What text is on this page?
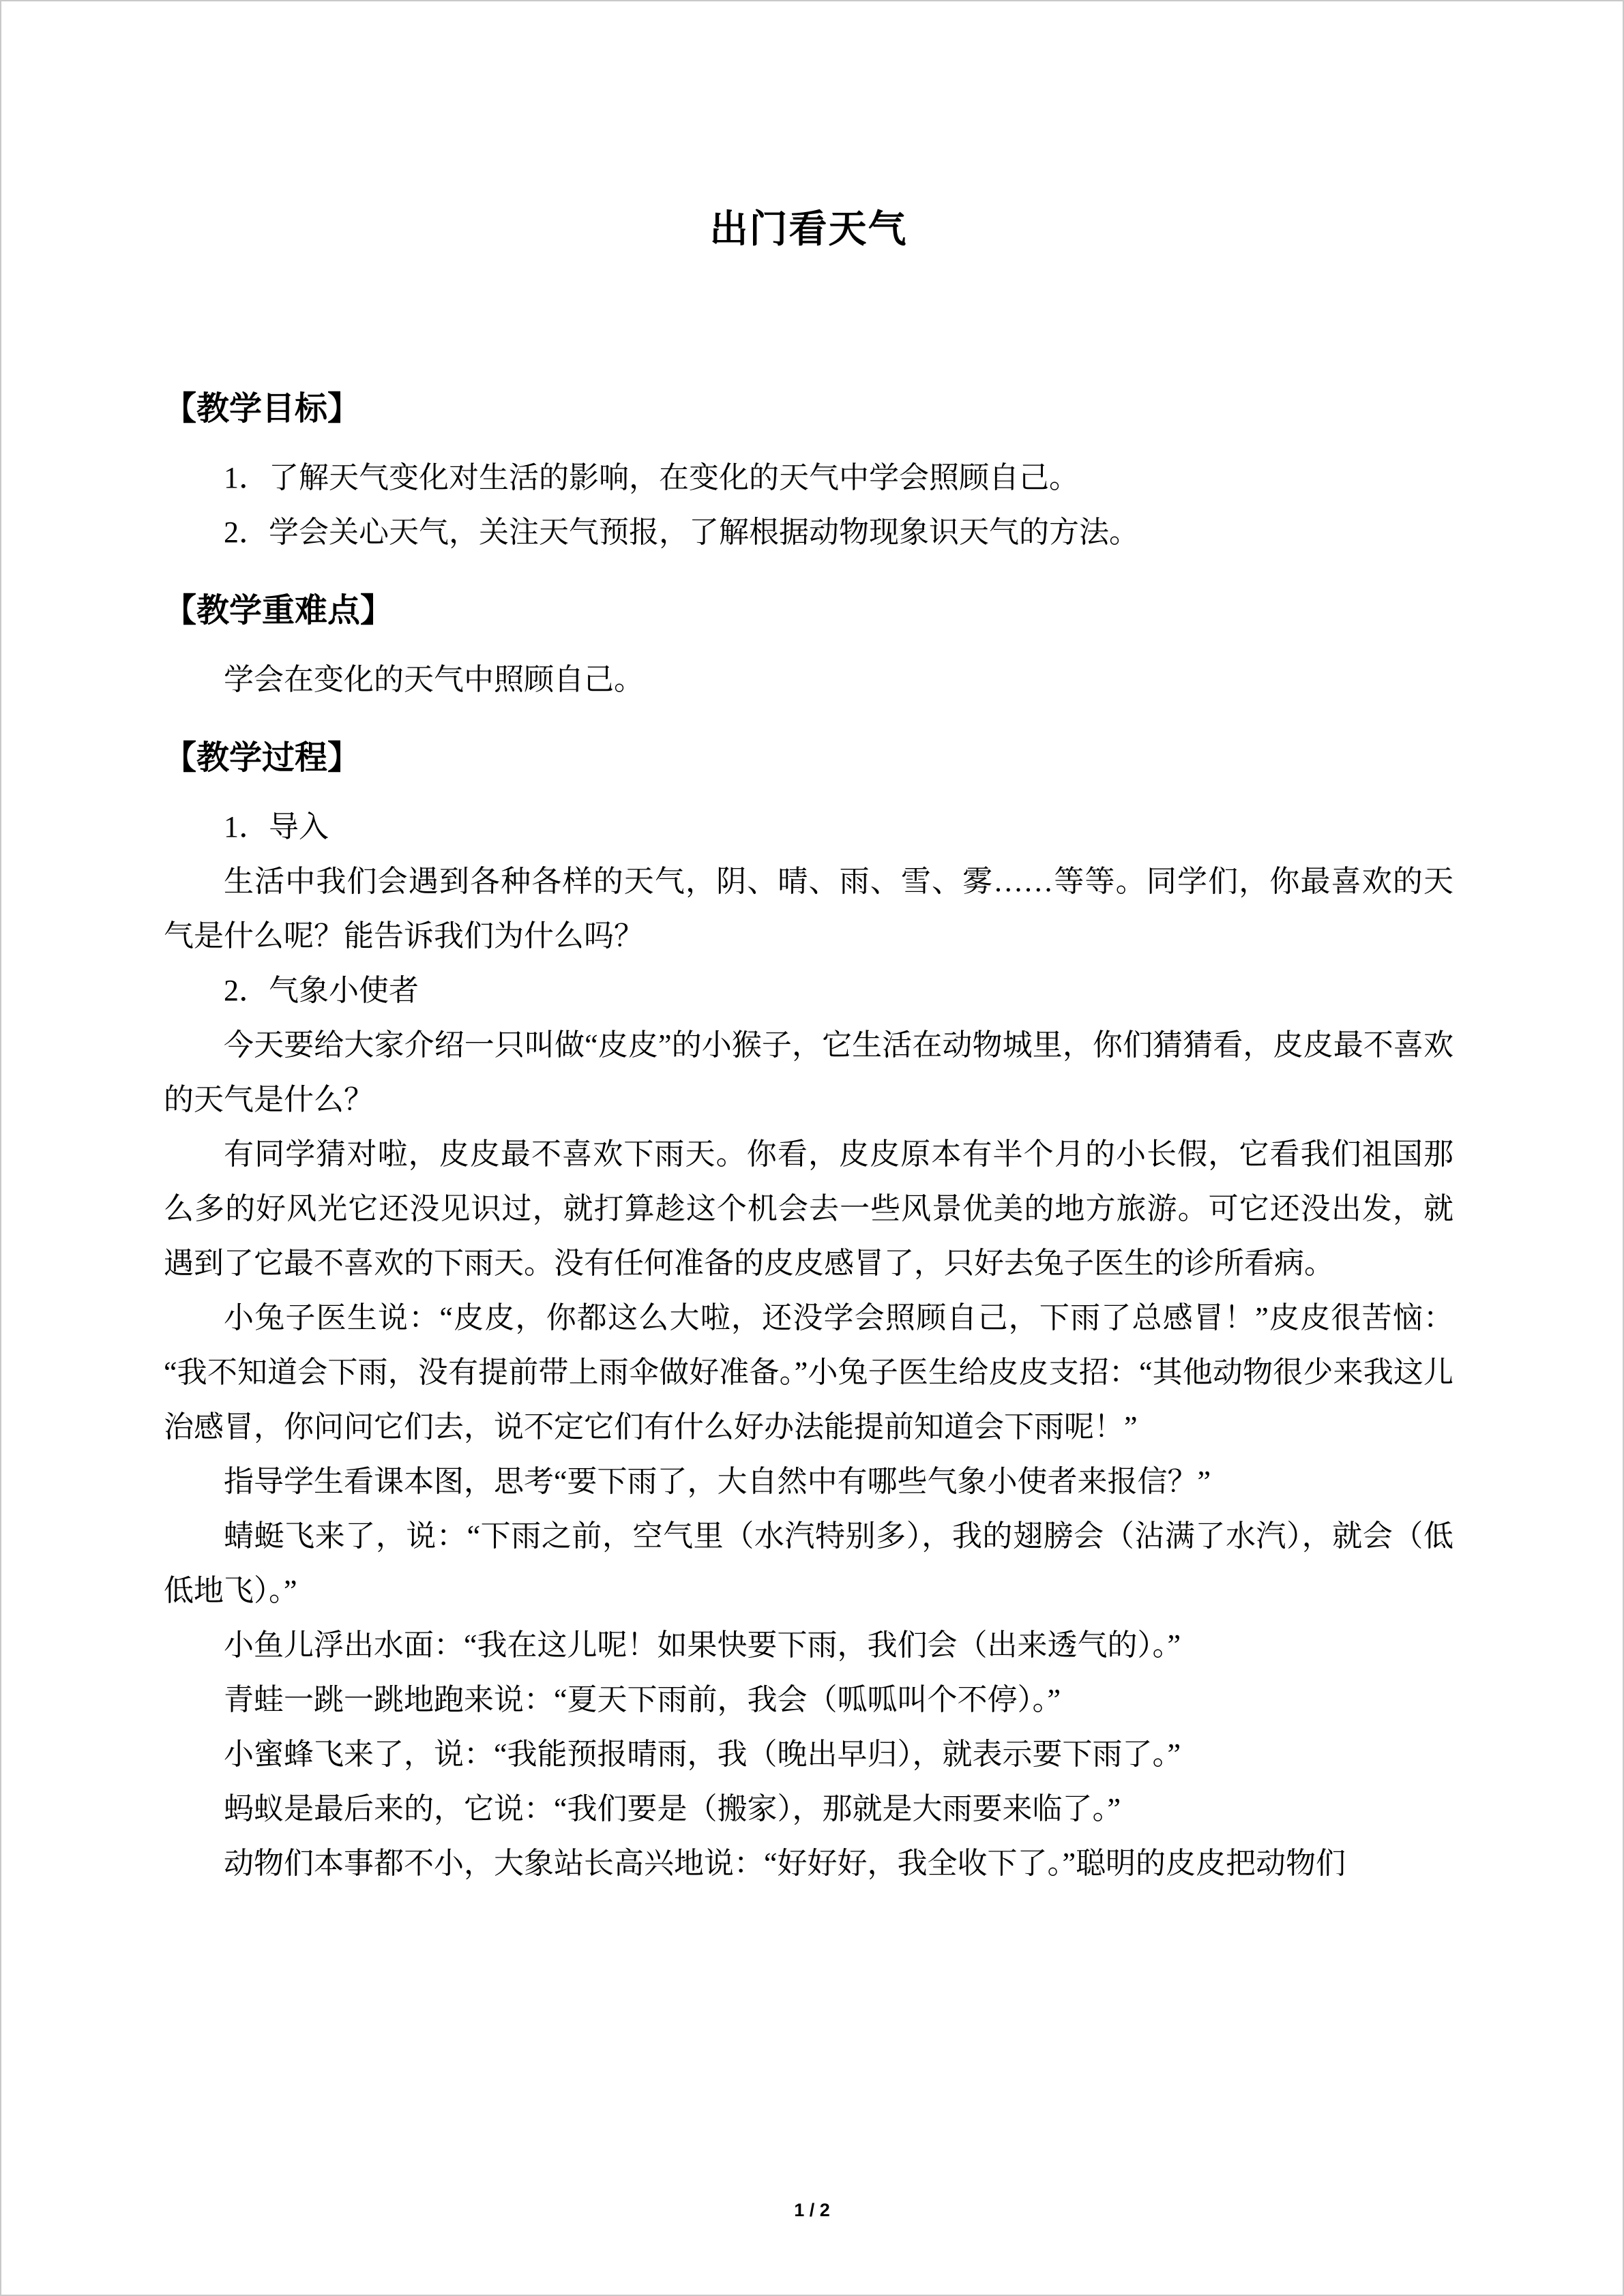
出门看天气
【教学目标】

1．了解天气变化对生活的影响，在变化的天气中学会照顾自己。

2．学会关心天气，关注天气预报，了解根据动物现象识天气的方法。

【教学重难点】

学会在变化的天气中照顾自己。

【教学过程】

1．导入

生活中我们会遇到各种各样的天气，阴、晴、雨、雪、雾……等等。同学们，你最喜欢的天气是什么呢？能告诉我们为什么吗？

2．气象小使者

今天要给大家介绍一只叫做“皮皮”的小猴子，它生活在动物城里，你们猜猜看，皮皮最不喜欢的天气是什么？

有同学猜对啦，皮皮最不喜欢下雨天。你看，皮皮原本有半个月的小长假，它看我们祖国那么多的好风光它还没见识过，就打算趁这个机会去一些风景优美的地方旅游。可它还没出发，就遇到了它最不喜欢的下雨天。没有任何准备的皮皮感冒了，只好去兔子医生的诊所看病。

小兔子医生说：“皮皮，你都这么大啦，还没学会照顾自己，下雨了总感冒！”皮皮很苦恼：“我不知道会下雨，没有提前带上雨伞做好准备。”小兔子医生给皮皮支招：“其他动物很少来我这儿治感冒，你问问它们去，说不定它们有什么好办法能提前知道会下雨呢！”

指导学生看课本图，思考“要下雨了，大自然中有哪些气象小使者来报信？”

蜻蜓飞来了，说：“下雨之前，空气里（水汽特别多），我的翅膀会（沾满了水汽），就会（低低地飞）。”

小鱼儿浮出水面：“我在这儿呢！如果快要下雨，我们会（出来透气的）。”

青蛙一跳一跳地跑来说：“夏天下雨前，我会（呱呱叫个不停）。”

小蜜蜂飞来了，说：“我能预报晴雨，我（晚出早归），就表示要下雨了。”

蚂蚁是最后来的，它说：“我们要是（搬家），那就是大雨要来临了。”

动物们本事都不小，大象站长高兴地说：“好好好，我全收下了。”聪明的皮皮把动物们

1 / 2
